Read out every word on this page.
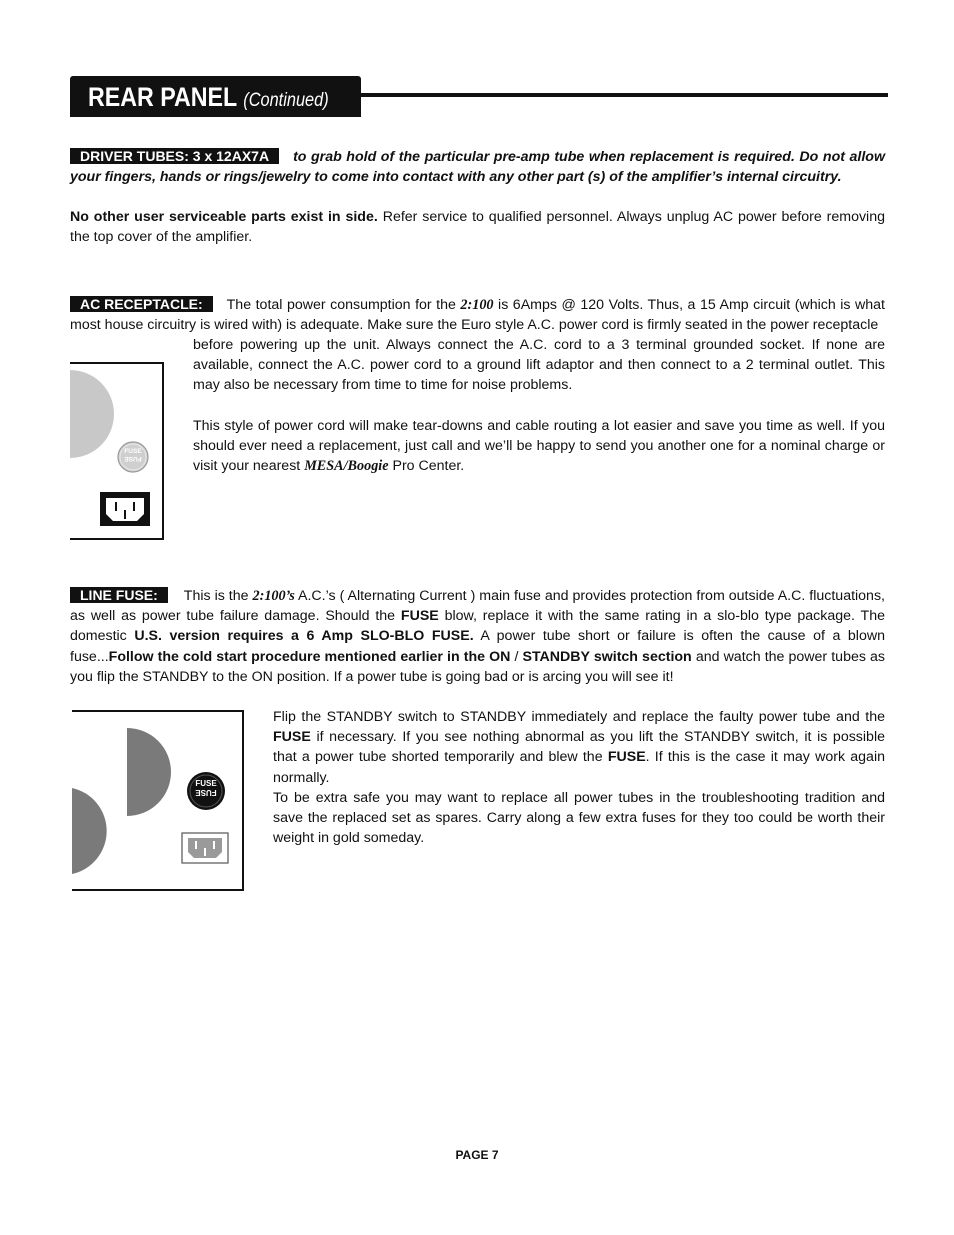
REAR PANEL (Continued)
DRIVER TUBES: 3 x 12AX7A to grab hold of the particular pre-amp tube when replacement is required. Do not allow your fingers, hands or rings/jewelry to come into contact with any other part (s) of the amplifier’s internal circuitry.
No other user serviceable parts exist in side. Refer service to qualified personnel. Always unplug AC power before removing the top cover of the amplifier.
AC RECEPTACLE: The total power consumption for the 2:100 is 6Amps @ 120 Volts. Thus, a 15 Amp circuit (which is what most house circuitry is wired with) is adequate. Make sure the Euro style A.C. power cord is firmly seated in the power receptacle
before powering up the unit. Always connect the A.C. cord to a 3 terminal grounded socket. If none are available, connect the A.C. power cord to a ground lift adaptor and then connect to a 2 terminal outlet. This may also be necessary from time to time for noise problems.
This style of power cord will make tear-downs and cable routing a lot easier and save you time as well. If you should ever need a replacement, just call and we’ll be happy to send you another one for a nominal charge or visit your nearest MESA/Boogie Pro Center.
FUSE
FUSE
LINE FUSE: This is the 2:100’s A.C.’s ( Alternating Current ) main fuse and provides protection from outside A.C. fluctuations, as well as power tube failure damage. Should the FUSE blow, replace it with the same rating in a slo-blo type package. The domestic U.S. version requires a 6 Amp SLO-BLO FUSE. A power tube short or failure is often the cause of a blown fuse...Follow the cold start procedure mentioned earlier in the ON / STANDBY switch section and watch the power tubes as you flip the STANDBY to the ON position. If a power tube is going bad or is arcing you will see it!
FUSE
FUSE
Flip the STANDBY switch to STANDBY immediately and replace the faulty power tube and the FUSE if necessary. If you see nothing abnormal as you lift the STANDBY switch, it is possible that a power tube shorted temporarily and blew the FUSE. If this is the case it may work again normally.
To be extra safe you may want to replace all power tubes in the troubleshooting tradition and save the replaced set as spares. Carry along a few extra fuses for they too could be worth their weight in gold someday.
PAGE 7
